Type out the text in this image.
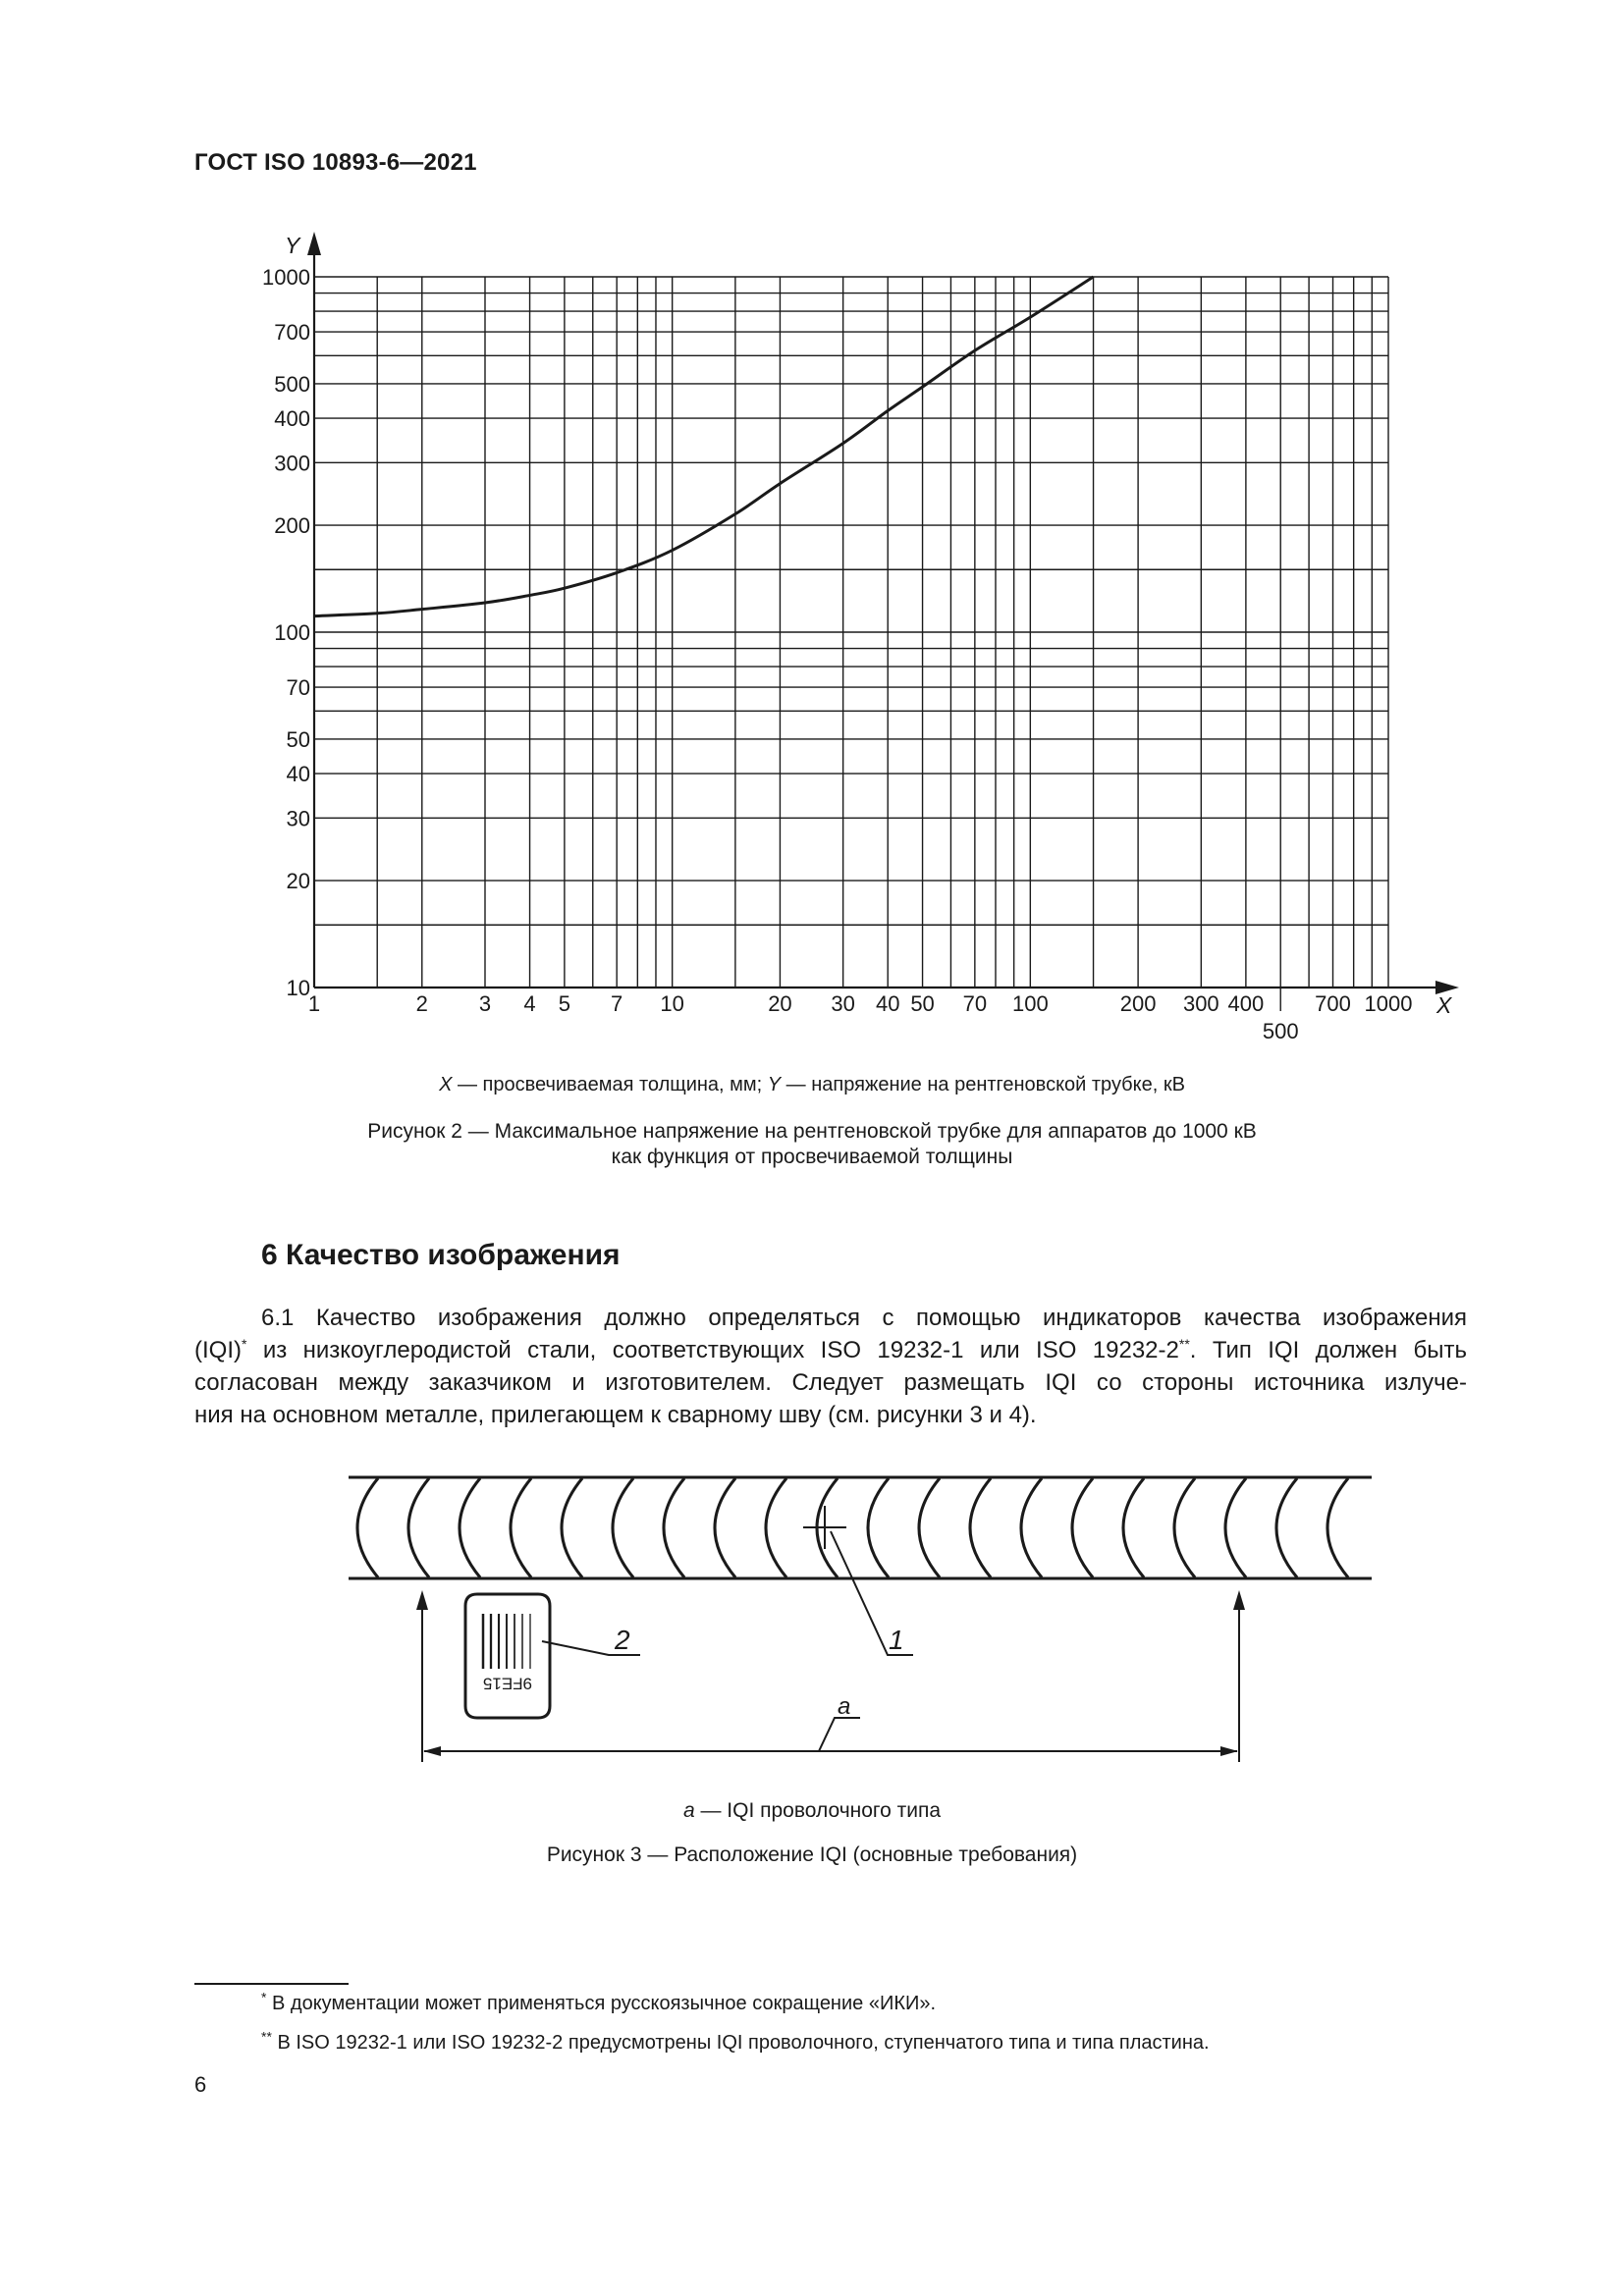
ГОСТ ISO 10893-6—2021
1	2 3 4 5 7 10	20 30 40 50 70 100	200 300 400
500
700 1000
10
20
30
40
50
70
100
200
300
400
500
700
1000
Y
X
X — просвечиваемая толщина, мм; Y — напряжение на рентгеновской трубке, кВ
Рисунок 2 — Максимальное напряжение на рентгеновской трубке для аппаратов до 1000 кВ
как функция от просвечиваемой толщины
6 Качество изображения
6.1 Качество изображения должно определяться с помощью индикаторов качества изображения
(IQI)* из низкоуглеродистой стали, соответствующих ISO 19232-1 или ISO 19232-2**. Тип IQI должен быть
согласован между заказчиком и изготовителем. Следует размещать IQI со стороны источника излуче-
ния на основном металле, прилегающем к сварному шву (см. рисунки 3 и 4).
1
9FE15
2
a
a — IQI проволочного типа
Рисунок 3 — Расположение IQI (основные требования)
* В документации может применяться русскоязычное сокращение «ИКИ».
** В ISO 19232-1 или ISO 19232-2 предусмотрены IQI проволочного, ступенчатого типа и типа пластина.
6
